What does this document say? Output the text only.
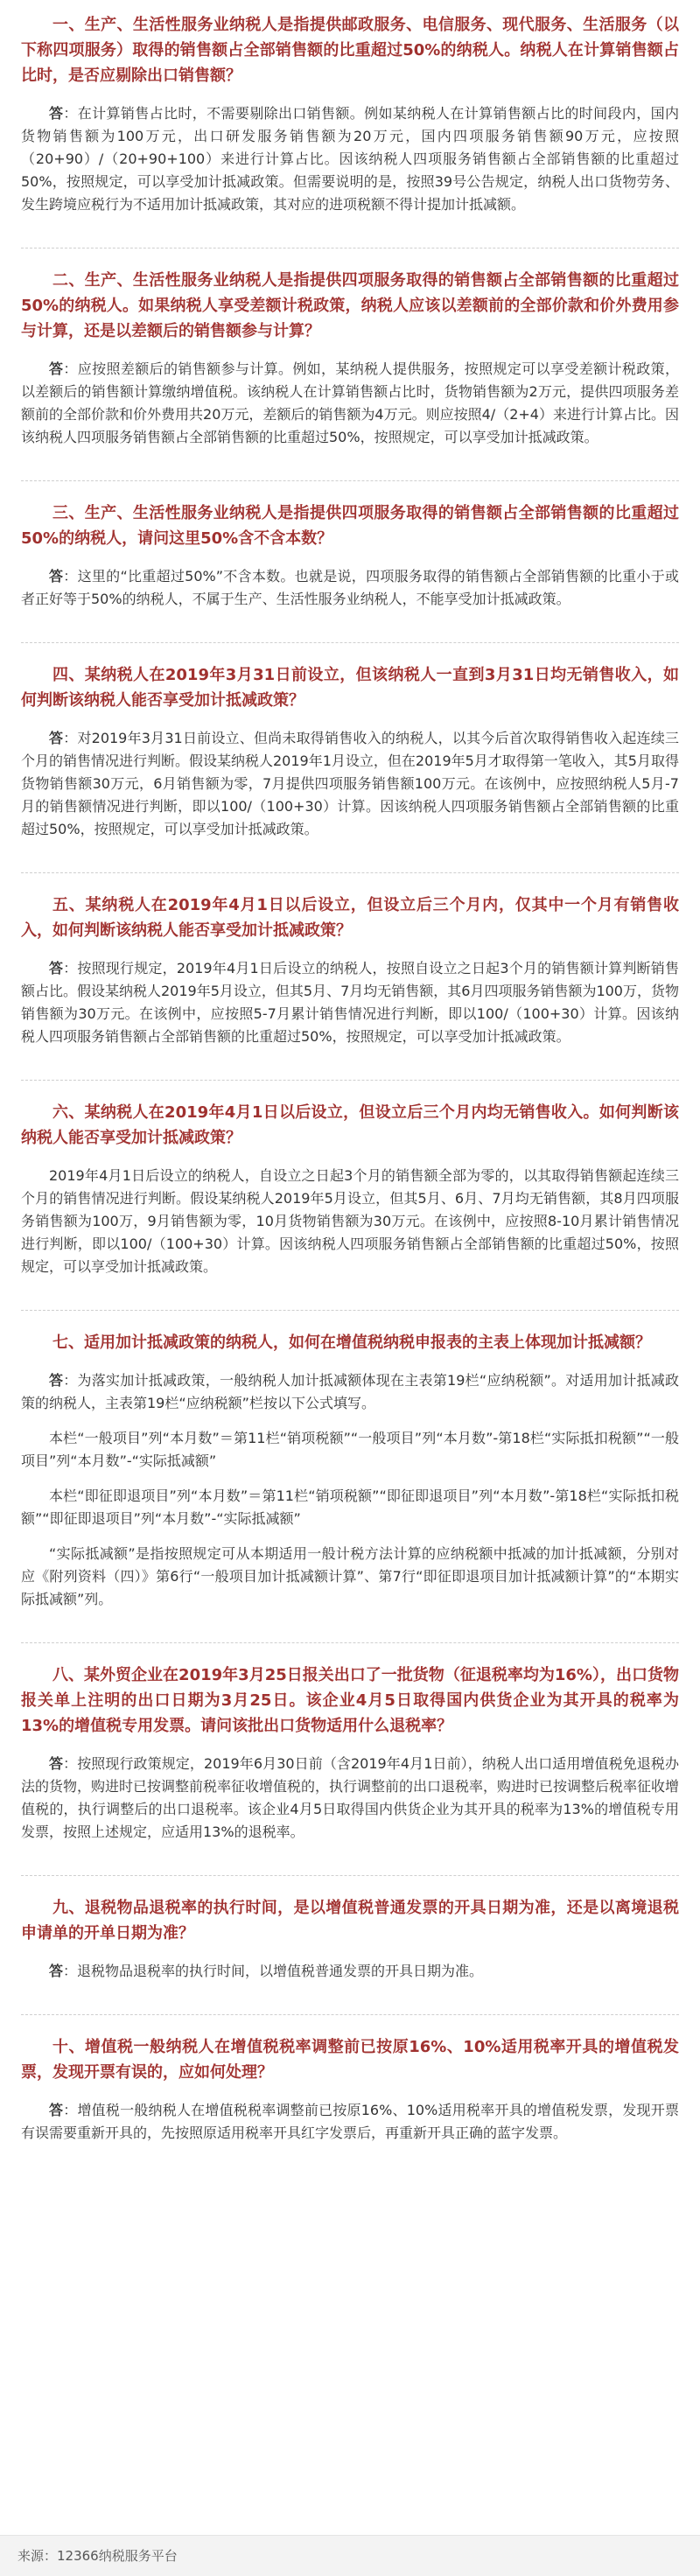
一、生产、生活性服务业纳税人是指提供邮政服务、电信服务、现代服务、生活服务（以下称四项服务）取得的销售额占全部销售额的比重超过50%的纳税人。纳税人在计算销售额占比时，是否应剔除出口销售额？

答：在计算销售占比时，不需要剔除出口销售额。例如某纳税人在计算销售额占比的时间段内，国内货物销售额为100万元，出口研发服务销售额为20万元，国内四项服务销售额90万元，应按照（20+90）/（20+90+100）来进行计算占比。因该纳税人四项服务销售额占全部销售额的比重超过50%，按照规定，可以享受加计抵减政策。但需要说明的是，按照39号公告规定，纳税人出口货物劳务、发生跨境应税行为不适用加计抵减政策，其对应的进项税额不得计提加计抵减额。

二、生产、生活性服务业纳税人是指提供四项服务取得的销售额占全部销售额的比重超过50%的纳税人。如果纳税人享受差额计税政策，纳税人应该以差额前的全部价款和价外费用参与计算，还是以差额后的销售额参与计算？

答：应按照差额后的销售额参与计算。例如，某纳税人提供服务，按照规定可以享受差额计税政策，以差额后的销售额计算缴纳增值税。该纳税人在计算销售额占比时，货物销售额为2万元，提供四项服务差额前的全部价款和价外费用共20万元，差额后的销售额为4万元。则应按照4/（2+4）来进行计算占比。因该纳税人四项服务销售额占全部销售额的比重超过50%，按照规定，可以享受加计抵减政策。

三、生产、生活性服务业纳税人是指提供四项服务取得的销售额占全部销售额的比重超过50%的纳税人，请问这里50%含不含本数？

答：这里的“比重超过50%”不含本数。也就是说，四项服务取得的销售额占全部销售额的比重小于或者正好等于50%的纳税人，不属于生产、生活性服务业纳税人，不能享受加计抵减政策。

四、某纳税人在2019年3月31日前设立，但该纳税人一直到3月31日均无销售收入，如何判断该纳税人能否享受加计抵减政策？

答：对2019年3月31日前设立、但尚未取得销售收入的纳税人，以其今后首次取得销售收入起连续三个月的销售情况进行判断。假设某纳税人2019年1月设立，但在2019年5月才取得第一笔收入，其5月取得货物销售额30万元，6月销售额为零，7月提供四项服务销售额100万元。在该例中，应按照纳税人5月-7月的销售额情况进行判断，即以100/（100+30）计算。因该纳税人四项服务销售额占全部销售额的比重超过50%，按照规定，可以享受加计抵减政策。

五、某纳税人在2019年4月1日以后设立，但设立后三个月内，仅其中一个月有销售收入，如何判断该纳税人能否享受加计抵减政策？

答：按照现行规定，2019年4月1日后设立的纳税人，按照自设立之日起3个月的销售额计算判断销售额占比。假设某纳税人2019年5月设立，但其5月、7月均无销售额，其6月四项服务销售额为100万，货物销售额为30万元。在该例中，应按照5-7月累计销售情况进行判断，即以100/（100+30）计算。因该纳税人四项服务销售额占全部销售额的比重超过50%，按照规定，可以享受加计抵减政策。

六、某纳税人在2019年4月1日以后设立，但设立后三个月内均无销售收入。如何判断该纳税人能否享受加计抵减政策？

2019年4月1日后设立的纳税人，自设立之日起3个月的销售额全部为零的，以其取得销售额起连续三个月的销售情况进行判断。假设某纳税人2019年5月设立，但其5月、6月、7月均无销售额，其8月四项服务销售额为100万，9月销售额为零，10月货物销售额为30万元。在该例中，应按照8-10月累计销售情况进行判断，即以100/（100+30）计算。因该纳税人四项服务销售额占全部销售额的比重超过50%，按照规定，可以享受加计抵减政策。

七、适用加计抵减政策的纳税人，如何在增值税纳税申报表的主表上体现加计抵减额？

答：为落实加计抵减政策，一般纳税人加计抵减额体现在主表第19栏“应纳税额”。对适用加计抵减政策的纳税人，主表第19栏“应纳税额”栏按以下公式填写。

本栏“一般项目”列“本月数”＝第11栏“销项税额”“一般项目”列“本月数”-第18栏“实际抵扣税额”“一般项目”列“本月数”-“实际抵减额”

本栏“即征即退项目”列“本月数”＝第11栏“销项税额”“即征即退项目”列“本月数”-第18栏“实际抵扣税额”“即征即退项目”列“本月数”-“实际抵减额”

“实际抵减额”是指按照规定可从本期适用一般计税方法计算的应纳税额中抵减的加计抵减额，分别对应《附列资料（四）》第6行“一般项目加计抵减额计算”、第7行“即征即退项目加计抵减额计算”的“本期实际抵减额”列。

八、某外贸企业在2019年3月25日报关出口了一批货物（征退税率均为16%），出口货物报关单上注明的出口日期为3月25日。该企业4月5日取得国内供货企业为其开具的税率为13%的增值税专用发票。请问该批出口货物适用什么退税率？

答：按照现行政策规定，2019年6月30日前（含2019年4月1日前），纳税人出口适用增值税免退税办法的货物，购进时已按调整前税率征收增值税的，执行调整前的出口退税率，购进时已按调整后税率征收增值税的，执行调整后的出口退税率。该企业4月5日取得国内供货企业为其开具的税率为13%的增值税专用发票，按照上述规定，应适用13%的退税率。

九、退税物品退税率的执行时间，是以增值税普通发票的开具日期为准，还是以离境退税申请单的开单日期为准？

答：退税物品退税率的执行时间，以增值税普通发票的开具日期为准。

十、增值税一般纳税人在增值税税率调整前已按原16%、10%适用税率开具的增值税发票，发现开票有误的，应如何处理？

答：增值税一般纳税人在增值税税率调整前已按原16%、10%适用税率开具的增值税发票，发现开票有误需要重新开具的，先按照原适用税率开具红字发票后，再重新开具正确的蓝字发票。

来源：12366纳税服务平台
